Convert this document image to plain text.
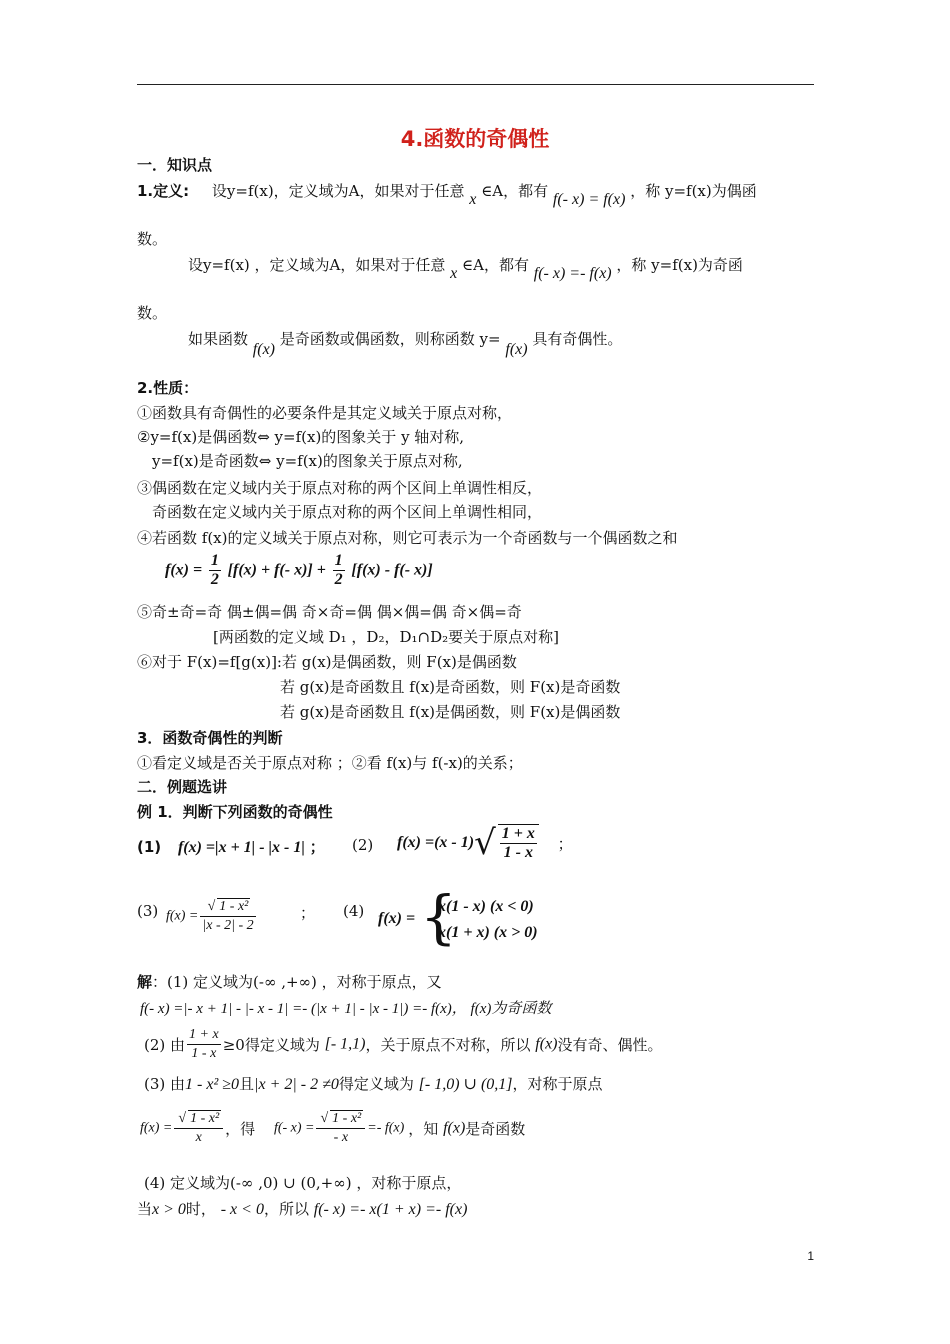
4.函数的奇偶性
一．知识点
1.定义: 设y=f(x)，定义域为A，如果对于任意 x ∈A，都有 f(- x) = f(x) ，称 y=f(x)为偶函
数。
设y=f(x) ，定义域为A，如果对于任意 x ∈A，都有 f(- x) =- f(x) ，称 y=f(x)为奇函
数。
如果函数 f(x) 是奇函数或偶函数，则称函数 y= f(x) 具有奇偶性。
2.性质：
①函数具有奇偶性的必要条件是其定义域关于原点对称，
②y=f(x)是偶函数⇔ y=f(x)的图象关于 y 轴对称,
y=f(x)是奇函数⇔ y=f(x)的图象关于原点对称,
③偶函数在定义域内关于原点对称的两个区间上单调性相反，
奇函数在定义域内关于原点对称的两个区间上单调性相同，
④若函数 f(x)的定义域关于原点对称，则它可表示为一个奇函数与一个偶函数之和
$f(x) = \frac{1}{2} [f(x) + f(-$ $x)] + \frac{1}{2} [f(x) - f(-$ x)]
⑤奇±奇=奇 偶±偶=偶 奇×奇=偶 偶×偶=偶 奇×偶=奇
[两函数的定义域 D₁ ，D₂，D₁∩D₂要关于原点对称]
⑥对于 F(x)=f[g(x)]:若 g(x)是偶函数，则 F(x)是偶函数
若 g(x)是奇函数且 f(x)是奇函数，则 F(x)是奇函数
若 g(x)是奇函数且 f(x)是偶函数，则 F(x)是偶函数
3．函数奇偶性的判断
①看定义域是否关于原点对称 ；②看 f(x)与 f(-x)的关系；
二．例题选讲
例 1．判断下列函数的奇偶性
(1) f(x) =|x + 1| - |x - 1| ； (2) $f(x) =(x - 1)√ \frac{1 + x}{1 - x}$ ；
(3) $f(x) = \frac{\text{√ 1 - x²}}{|x - 2| - 2}$	； (4) f(x) = {
x(1 - x) (x < 0)
x(1 + x) (x > 0)
解：(1) 定义域为(-∞ ,+∞) ，对称于原点，又
f(- x) =|- x + 1| - |- x - 1| =- (|x + 1| - |x - 1|) =- f(x)， f(x)为奇函数
(2) 由 $\frac{1 + x}{1 - x} \ge 0$得定义域为 [- 1,1)，关于原点不对称，所以 f(x)没有奇、偶性。
(3) 由1 - x² ≥0且|x + 2| - 2 ≠0得定义域为 [- 1,0) ∪ (0,1]，对称于原点
$f(x) = \frac{\text{√ 1 - x²}}{x}$ ，得 f(- $x) = \frac{\text{√ 1 - x²}}{- x} =- f(x)$ ，知 f(x)是奇函数
(4) 定义域为(-∞ ,0) ∪ (0,+∞) ，对称于原点，
当x > 0时， - x < 0，所以 f(- x) =- x(1 + x) =- f(x)
1
